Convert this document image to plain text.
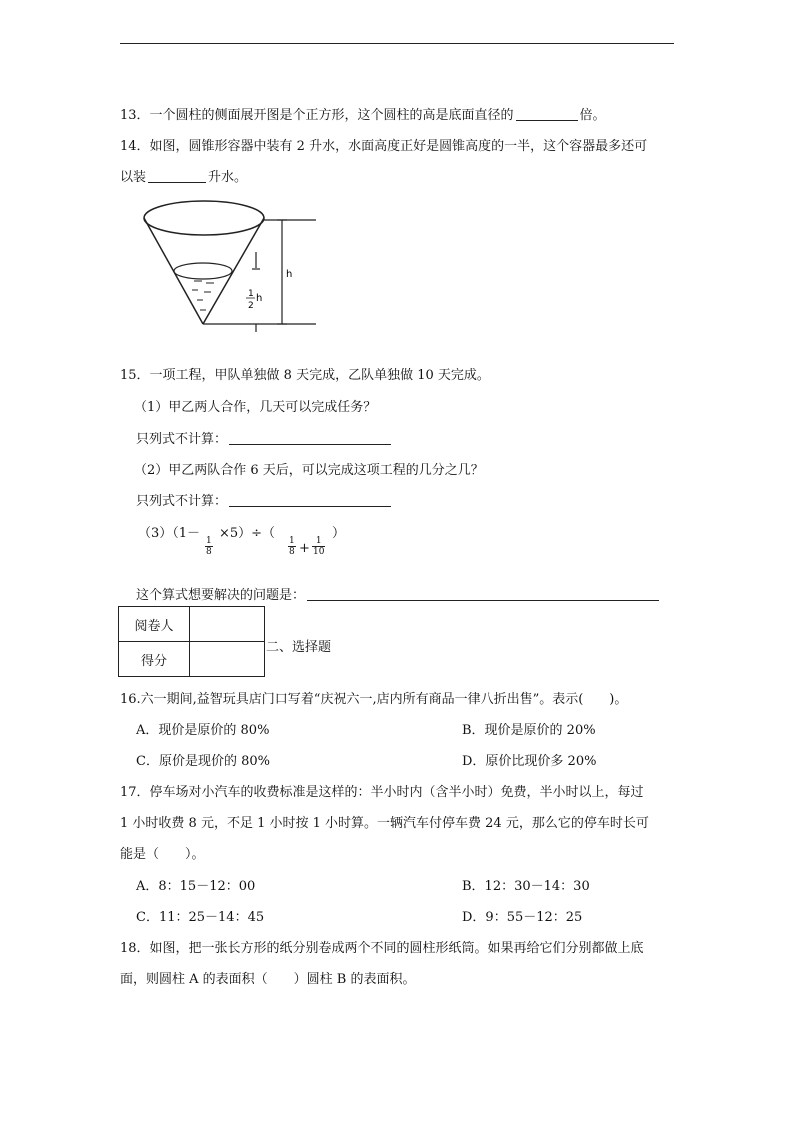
13．一个圆柱的侧面展开图是个正方形，这个圆柱的高是底面直径的	倍。
14．如图，圆锥形容器中装有 2 升水，水面高度正好是圆锥高度的一半，这个容器最多还可
以装	升水。
h
1
2
h
15．一项工程，甲队单独做 8 天完成，乙队单独做 10 天完成。
（1）甲乙两人合作，几天可以完成任务？
只列式不计算：
（2）甲乙两队合作 6 天后，可以完成这项工程的几分之几？
只列式不计算：
（3）（1－ ×5）÷（	）
$\frac{1}{8}$	$\frac{1}{8} + \frac{1}{10}$
这个算式想要解决的问题是：
阅卷人	
得分	
二、选择题
16.六一期间,益智玩具店门口写着“庆祝六一,店内所有商品一律八折出售”。表示(　　)。
A．现价是原价的 80%	B．现价是原价的 20%
C．原价是现价的 80%	D．原价比现价多 20%
17．停车场对小汽车的收费标准是这样的：半小时内（含半小时）免费，半小时以上，每过
1 小时收费 8 元，不足 1 小时按 1 小时算。一辆汽车付停车费 24 元，那么它的停车时长可
能是（　　）。
A．8：15－12：00	B．12：30－14：30
C．11：25－14：45	D．9：55－12：25
18．如图，把一张长方形的纸分别卷成两个不同的圆柱形纸筒。如果再给它们分别都做上底
面，则圆柱 A 的表面积（　　）圆柱 B 的表面积。
